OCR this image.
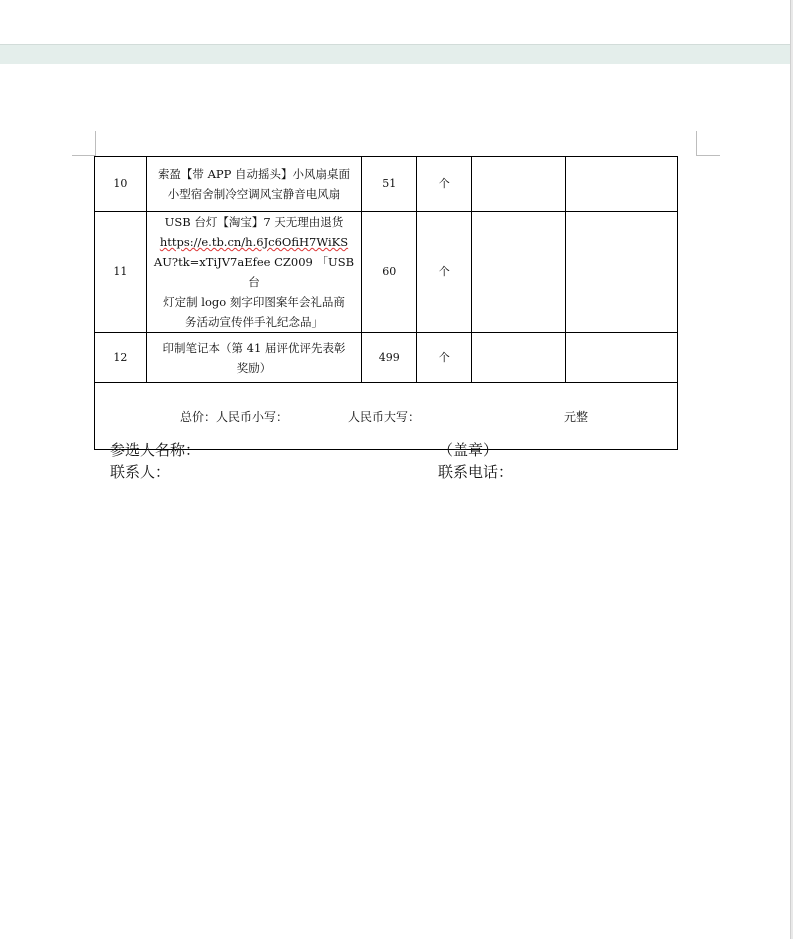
10	索盈【带 APP 自动摇头】小风扇桌面
小型宿舍制冷空调风宝静音电风扇	51	个		
11	USB 台灯【淘宝】7 天无理由退货
https://e.tb.cn/h.6Jc6OfiH7WiKS
AU?tk=xTiJV7aEfee CZ009 「USB 台
灯定制 logo 刻字印图案年会礼品商
务活动宣传伴手礼纪念品」	60	个		
12	印制笔记本（第 41 届评优评先表彰
奖励）	499	个		

总价：人民币小写： 人民币大写： 元整					
参选人名称：	（盖章）
联系人：	联系电话：
